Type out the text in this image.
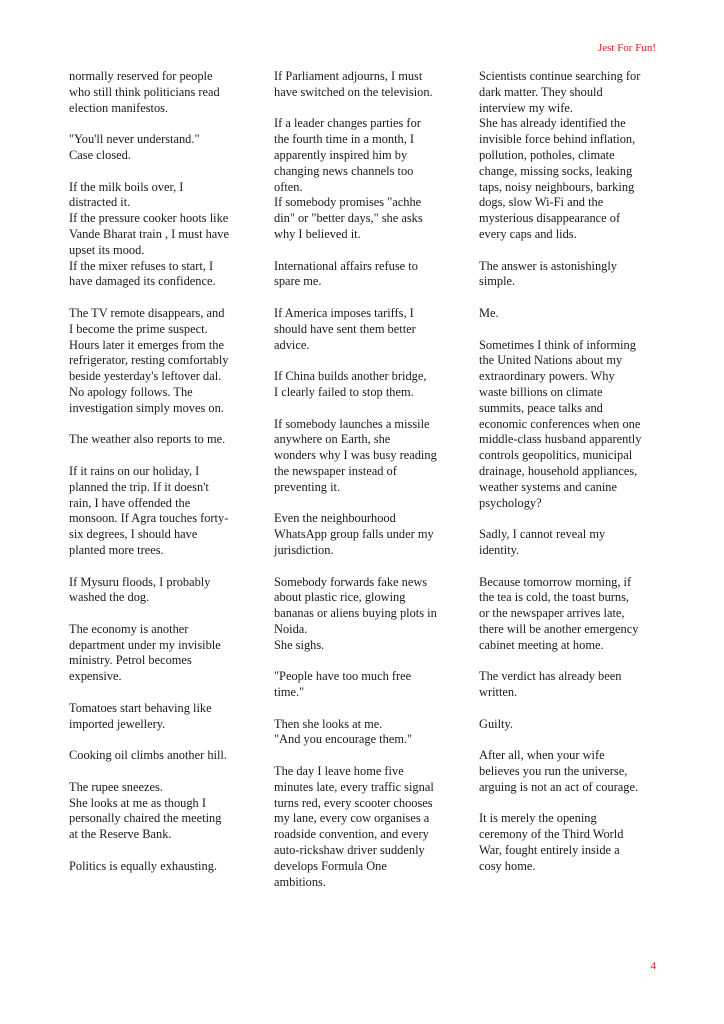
Jest For Fun!

normally reserved for people
who still think politicians read
election manifestos.

"You'll never understand."
Case closed.

If the milk boils over, I
distracted it.
If the pressure cooker hoots like
Vande Bharat train , I must have
upset its mood.
If the mixer refuses to start, I
have damaged its confidence.

The TV remote disappears, and
I become the prime suspect.
Hours later it emerges from the
refrigerator, resting comfortably
beside yesterday's leftover dal.
No apology follows. The
investigation simply moves on.

The weather also reports to me.

If it rains on our holiday, I
planned the trip. If it doesn't
rain, I have offended the
monsoon. If Agra touches forty-
six degrees, I should have
planted more trees.

If Mysuru floods, I probably
washed the dog.

The economy is another
department under my invisible
ministry. Petrol becomes
expensive.

Tomatoes start behaving like
imported jewellery.

Cooking oil climbs another hill.

The rupee sneezes.
She looks at me as though I
personally chaired the meeting
at the Reserve Bank.

Politics is equally exhausting.

If Parliament adjourns, I must
have switched on the television.

If a leader changes parties for
the fourth time in a month, I
apparently inspired him by
changing news channels too
often.
If somebody promises "achhe
din" or "better days," she asks
why I believed it.

International affairs refuse to
spare me.

If America imposes tariffs, I
should have sent them better
advice.

If China builds another bridge,
I clearly failed to stop them.

If somebody launches a missile
anywhere on Earth, she
wonders why I was busy reading
the newspaper instead of
preventing it.

Even the neighbourhood
WhatsApp group falls under my
jurisdiction.

Somebody forwards fake news
about plastic rice, glowing
bananas or aliens buying plots in
Noida.
She sighs.

"People have too much free
time."

Then she looks at me.
"And you encourage them."

The day I leave home five
minutes late, every traffic signal
turns red, every scooter chooses
my lane, every cow organises a
roadside convention, and every
auto-rickshaw driver suddenly
develops Formula One
ambitions.

Scientists continue searching for
dark matter. They should
interview my wife.
She has already identified the
invisible force behind inflation,
pollution, potholes, climate
change, missing socks, leaking
taps, noisy neighbours, barking
dogs, slow Wi-Fi and the
mysterious disappearance of
every caps and lids.

The answer is astonishingly
simple.

Me.

Sometimes I think of informing
the United Nations about my
extraordinary powers. Why
waste billions on climate
summits, peace talks and
economic conferences when one
middle-class husband apparently
controls geopolitics, municipal
drainage, household appliances,
weather systems and canine
psychology?

Sadly, I cannot reveal my
identity.

Because tomorrow morning, if
the tea is cold, the toast burns,
or the newspaper arrives late,
there will be another emergency
cabinet meeting at home.

The verdict has already been
written.

Guilty.

After all, when your wife
believes you run the universe,
arguing is not an act of courage.

It is merely the opening
ceremony of the Third World
War, fought entirely inside a
cosy home.

4
